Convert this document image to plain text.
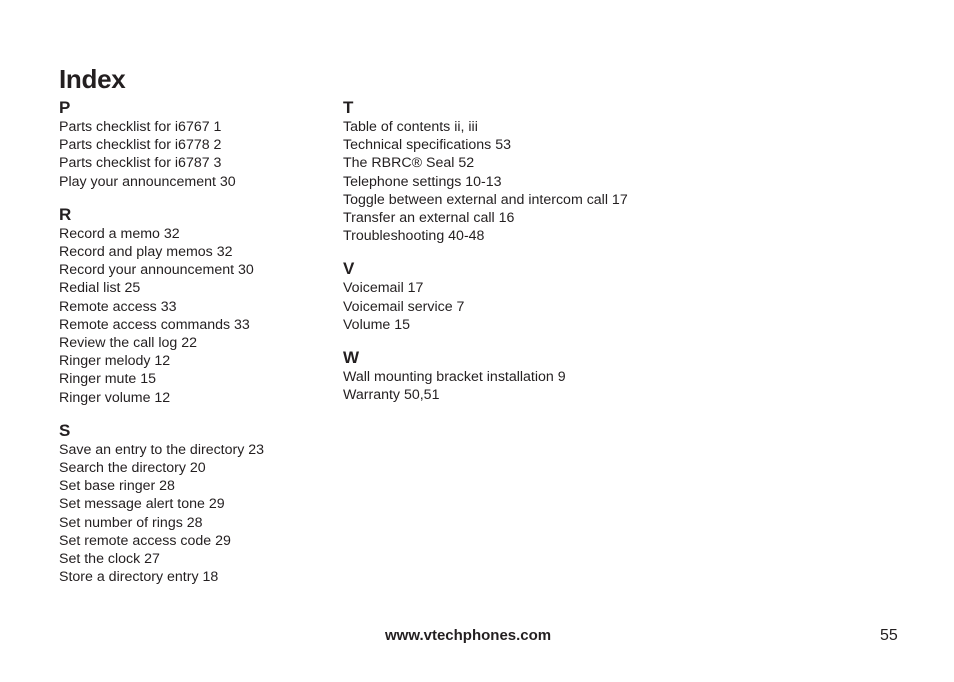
Index
P
Parts checklist for i6767 1
Parts checklist for i6778 2
Parts checklist for i6787 3
Play your announcement 30
R
Record a memo 32
Record and play memos 32
Record your announcement 30
Redial list 25
Remote access 33
Remote access commands 33
Review the call log 22
Ringer melody 12
Ringer mute 15
Ringer volume 12
S
Save an entry to the directory 23
Search the directory 20
Set base ringer 28
Set message alert tone 29
Set number of rings 28
Set remote access code 29
Set the clock 27
Store a directory entry 18
T
Table of contents ii, iii
Technical specifications 53
The RBRC® Seal 52
Telephone settings 10-13
Toggle between external and intercom call 17
Transfer an external call 16
Troubleshooting 40-48
V
Voicemail 17
Voicemail service 7
Volume 15
W
Wall mounting bracket installation 9
Warranty 50,51
www.vtechphones.com	55
